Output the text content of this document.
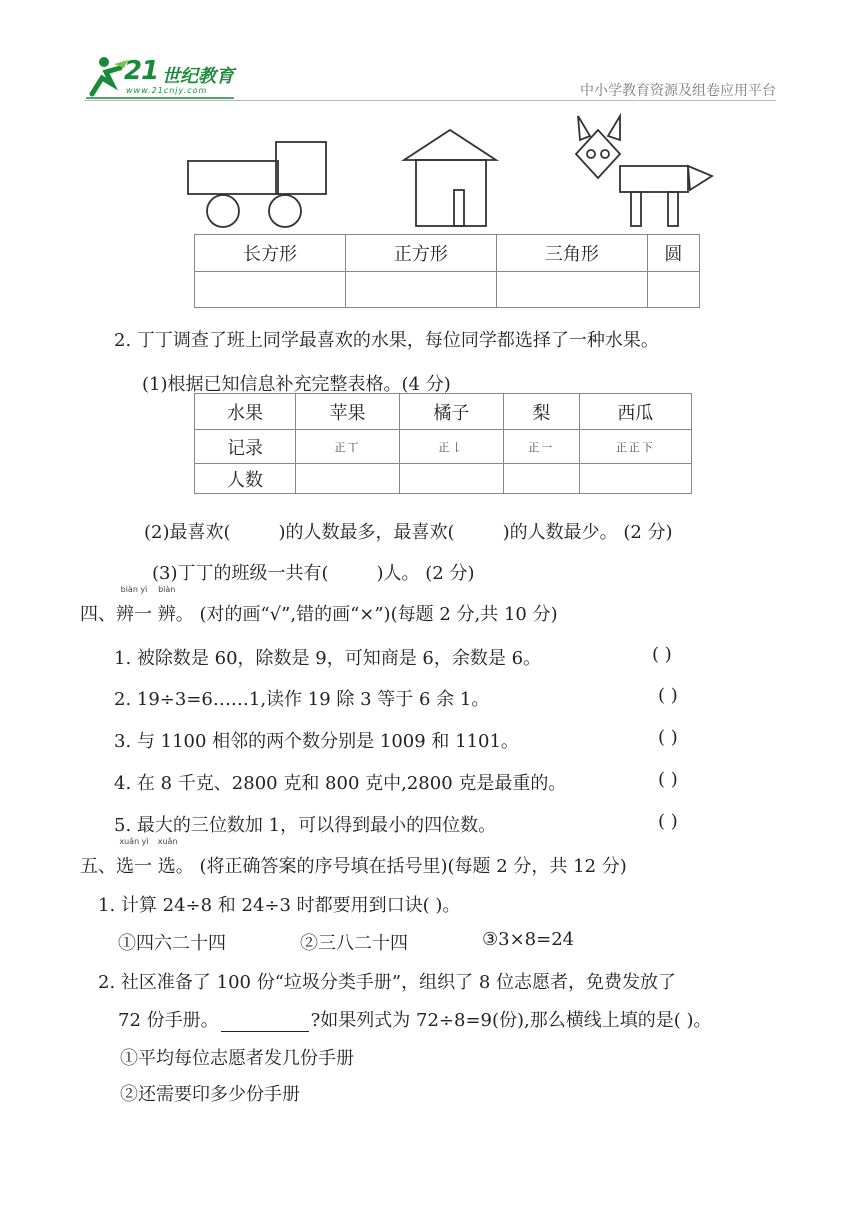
21 世纪教育
www.21cnjy.com	中小学教育资源及组卷应用平台
长方形	正方形	三角形	圆

2. 丁丁调查了班上同学最喜欢的水果，每位同学都选择了一种水果。
(1)根据已知信息补充完整表格。(4 分)
水果	苹果	橘子	梨	西瓜
记录	正丅	正𠄌	正一	正正下
人数				
(2)最喜欢(	)的人数最多，最喜欢(	)的人数最少。 (2 分)
(3)丁丁的班级一共有(	)人。 (2 分)
四、
biàn yì
辨一
biàn
辨。 (对的画“√”,错的画“×”)(每题 2 分,共 10 分)
1. 被除数是 60，除数是 9，可知商是 6，余数是 6。	( )
2. 19÷3=6……1,读作 19 除 3 等于 6 余 1。	( )
3. 与 1100 相邻的两个数分别是 1009 和 1101。	( )
4. 在 8 千克、2800 克和 800 克中,2800 克是最重的。	( )
5. 最大的三位数加 1，可以得到最小的四位数。	( )
五、
xuǎn yì
选一
xuǎn
选。 (将正确答案的序号填在括号里)(每题 2 分，共 12 分)
1. 计算 24÷8 和 24÷3 时都要用到口诀( )。
①四六二十四	②三八二十四	③3×8=24
2. 社区准备了 100 份“垃圾分类手册”，组织了 8 位志愿者，免费发放了
72 份手册。	?如果列式为 72÷8=9(份),那么横线上填的是( )。
①平均每位志愿者发几份手册
②还需要印多少份手册
